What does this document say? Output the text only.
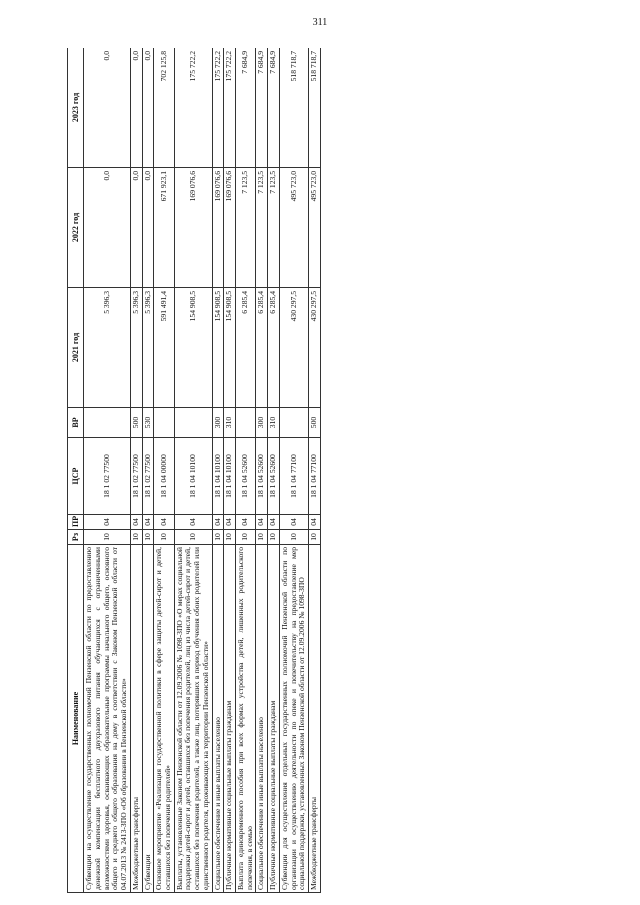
311
Наименование	Рз	ПР	ЦСР	ВР	2021 год	2022 год	2023 год
Субвенции на осуществление государственных полномочий Пензенской области по предоставлению денежной компенсации бесплатного двухразового питания обучающихся с ограниченными возможностями здоровья, осваивающих образовательные программы начального общего, основного общего и среднего общего образования на дому в соответствии с Законом Пензенской области от 04.07.2013 № 2413-ЗПО «Об образовании в Пензенской области»	10	04	18 1 02 77500		5 396,3	0,0	0,0
Межбюджетные трансферты	10	04	18 1 02 77500	500	5 396,3	0,0	0,0
Субвенции	10	04	18 1 02 77500	530	5 396,3	0,0	0,0
Основное мероприятие «Реализация государственной политики в сфере защиты детей-сирот и детей, оставшихся без попечения родителей»	10	04	18 1 04 00000		591 491,4	671 923,1	702 125,8
Выплаты, установленные Законом Пензенской области от 12.09.2006 № 1098-ЗПО «О мерах социальной поддержки детей-сирот и детей, оставшихся без попечения родителей, лиц из числа детей-сирот и детей, оставшихся без попечения родителей, а также лиц, потерявших в период обучения обоих родителей или единственного родителя, проживающих на территории Пензенской области»	10	04	18 1 04 10100		154 908,5	169 076,6	175 722,2
Социальное обеспечение и иные выплаты населению	10	04	18 1 04 10100	300	154 908,5	169 076,6	175 722,2
Публичные нормативные социальные выплаты гражданам	10	04	18 1 04 10100	310	154 908,5	169 076,6	175 722,2
Выплата единовременного пособия при всех формах устройства детей, лишенных родительского попечения, в семью	10	04	18 1 04 52600		6 285,4	7 123,5	7 684,9
Социальное обеспечение и иные выплаты населению	10	04	18 1 04 52600	300	6 285,4	7 123,5	7 684,9
Публичные нормативные социальные выплаты гражданам	10	04	18 1 04 52600	310	6 285,4	7 123,5	7 684,9
Субвенции для осуществления отдельных государственных полномочий Пензенской области по организации и осуществлению деятельности по опеке и попечительству на предоставление мер социальной поддержки, установленных Законом Пензенской области от 12.09.2006 № 1098-ЗПО	10	04	18 1 04 77100		430 297,5	495 723,0	518 718,7
Межбюджетные трансферты	10	04	18 1 04 77100	500	430 297,5	495 723,0	518 718,7
